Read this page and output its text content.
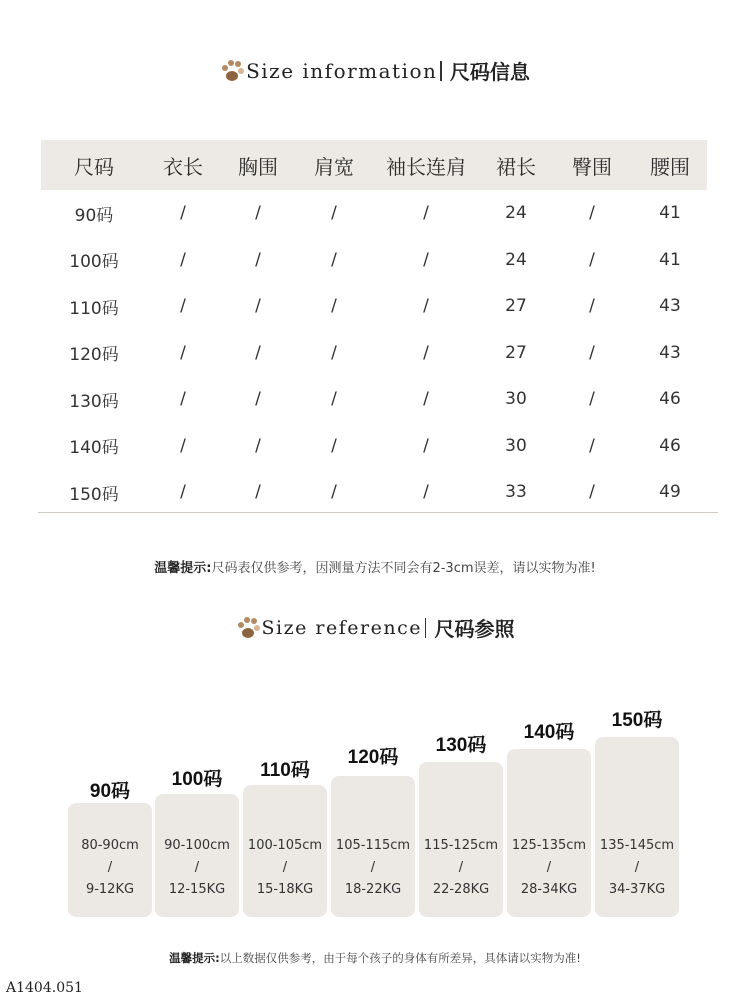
Size information 尺码信息
尺码	衣长	胸围	肩宽	袖长连肩	裙长	臀围	腰围
90码	/	/	/	/	24	/	41
100码	/	/	/	/	24	/	41
110码	/	/	/	/	27	/	43
120码	/	/	/	/	27	/	43
130码	/	/	/	/	30	/	46
140码	/	/	/	/	30	/	46
150码	/	/	/	/	33	/	49
温馨提示:尺码表仅供参考，因测量方法不同会有2-3cm误差，请以实物为准!
Size reference 尺码参照
90码
80-90cm
/
9-12KG
100码
90-100cm
/
12-15KG
110码
100-105cm
/
15-18KG
120码
105-115cm
/
18-22KG
130码
115-125cm
/
22-28KG
140码
125-135cm
/
28-34KG
150码
135-145cm
/
34-37KG
温馨提示:以上数据仅供参考，由于每个孩子的身体有所差异，具体请以实物为准!
A1404.051
